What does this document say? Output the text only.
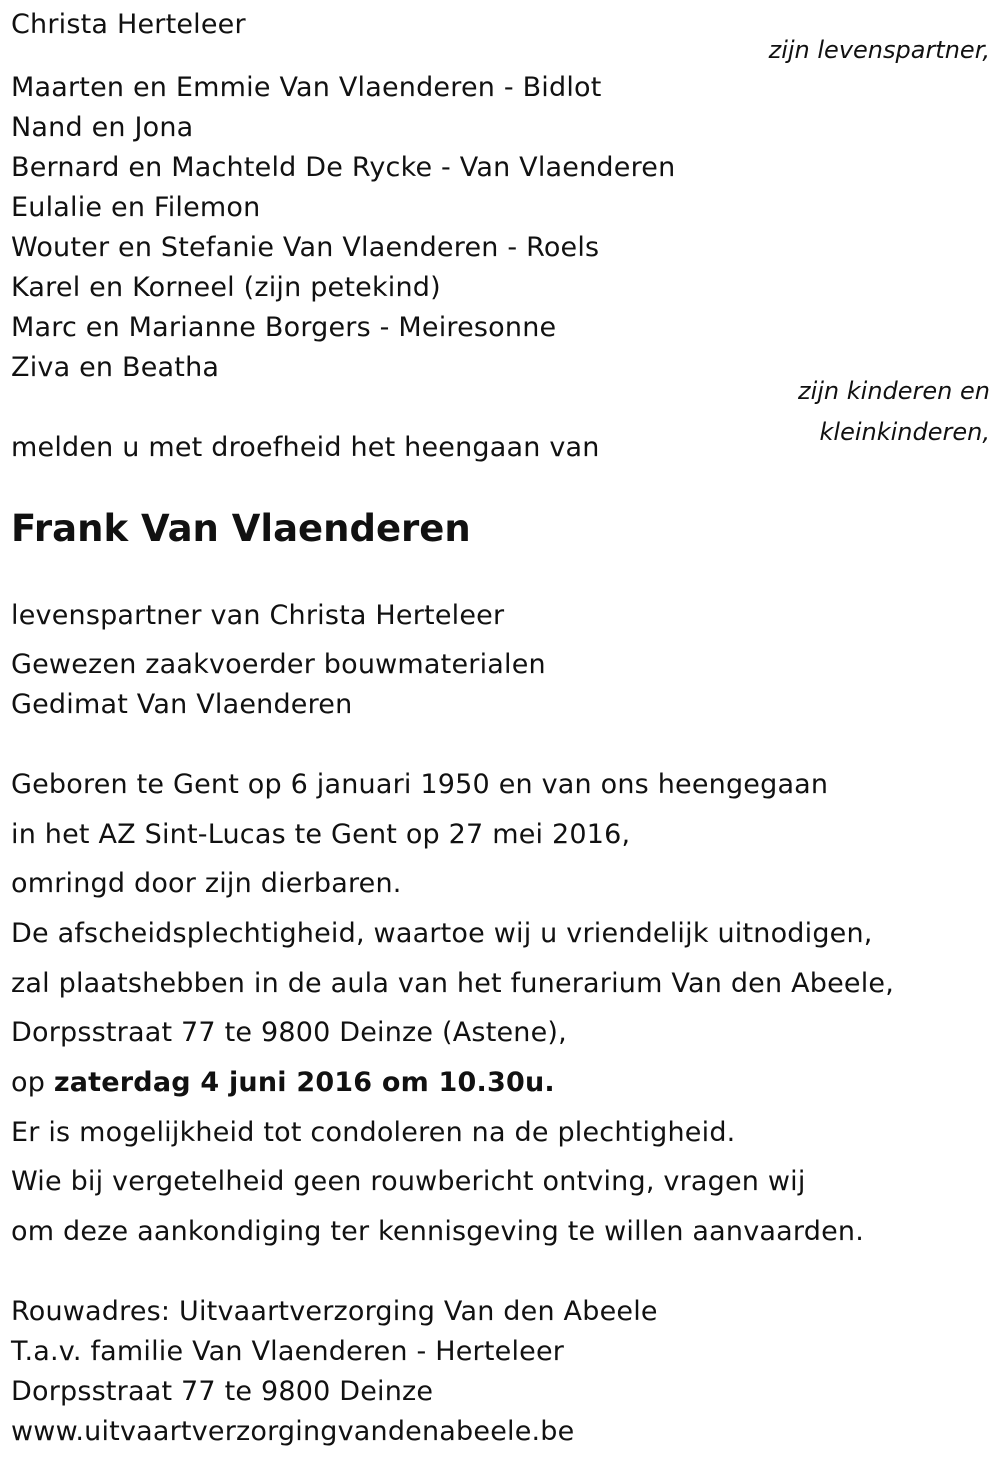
Christa Herteleer
zijn levenspartner,
Maarten en Emmie Van Vlaenderen - Bidlot
Nand en Jona
Bernard en Machteld De Rycke - Van Vlaenderen
Eulalie en Filemon
Wouter en Stefanie Van Vlaenderen - Roels
Karel en Korneel (zijn petekind)
Marc en Marianne Borgers - Meiresonne
Ziva en Beatha
zijn kinderen en
kleinkinderen,
melden u met droefheid het heengaan van
Frank Van Vlaenderen
levenspartner van Christa Herteleer
Gewezen zaakvoerder bouwmaterialen
Gedimat Van Vlaenderen
Geboren te Gent op 6 januari 1950 en van ons heengegaan
in het AZ Sint-Lucas te Gent op 27 mei 2016,
omringd door zijn dierbaren.
De afscheidsplechtigheid, waartoe wij u vriendelijk uitnodigen,
zal plaatshebben in de aula van het funerarium Van den Abeele,
Dorpsstraat 77 te 9800 Deinze (Astene),
op zaterdag 4 juni 2016 om 10.30u.
Er is mogelijkheid tot condoleren na de plechtigheid.
Wie bij vergetelheid geen rouwbericht ontving, vragen wij
om deze aankondiging ter kennisgeving te willen aanvaarden.
Rouwadres: Uitvaartverzorging Van den Abeele
T.a.v. familie Van Vlaenderen - Herteleer
Dorpsstraat 77 te 9800 Deinze
www.uitvaartverzorgingvandenabeele.be
